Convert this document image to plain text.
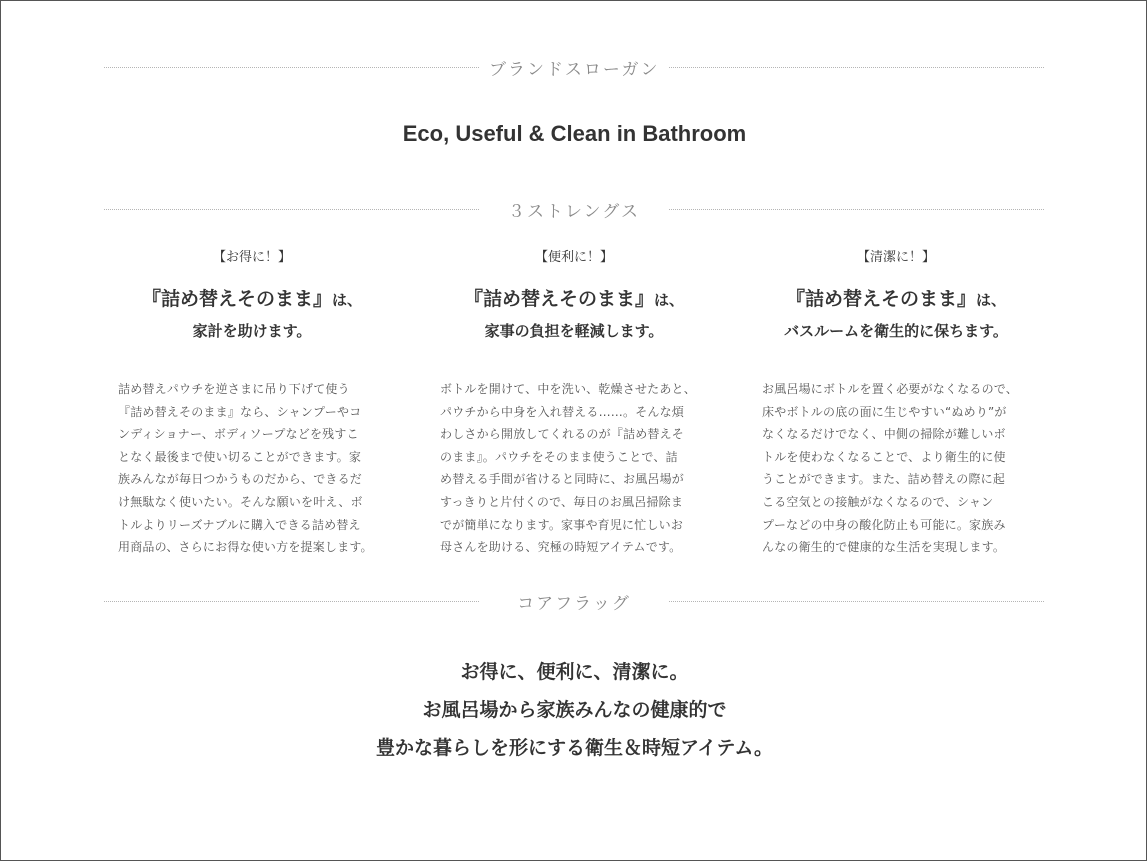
ブランドスローガン
Eco, Useful & Clean in Bathroom
３ストレングス
【お得に！】
『詰め替えそのまま』は、
家計を助けます。
詰め替えパウチを逆さまに吊り下げて使う
『詰め替えそのまま』なら、シャンプーやコ
ンディショナー、ボディソープなどを残すこ
となく最後まで使い切ることができます。家
族みんなが毎日つかうものだから、できるだ
け無駄なく使いたい。そんな願いを叶え、ボ
トルよりリーズナブルに購入できる詰め替え
用商品の、さらにお得な使い方を提案します。
【便利に！】
『詰め替えそのまま』は、
家事の負担を軽減します。
ボトルを開けて、中を洗い、乾燥させたあと、
パウチから中身を入れ替える……。そんな煩
わしさから開放してくれるのが『詰め替えそ
のまま』。パウチをそのまま使うことで、詰
め替える手間が省けると同時に、お風呂場が
すっきりと片付くので、毎日のお風呂掃除ま
でが簡単になります。家事や育児に忙しいお
母さんを助ける、究極の時短アイテムです。
【清潔に！】
『詰め替えそのまま』は、
バスルームを衛生的に保ちます。
お風呂場にボトルを置く必要がなくなるので、
床やボトルの底の面に生じやすい“ぬめり”が
なくなるだけでなく、中側の掃除が難しいボ
トルを使わなくなることで、より衛生的に使
うことができます。また、詰め替えの際に起
こる空気との接触がなくなるので、シャン
プーなどの中身の酸化防止も可能に。家族み
んなの衛生的で健康的な生活を実現します。
コアフラッグ
お得に、便利に、清潔に。
お風呂場から家族みんなの健康的で
豊かな暮らしを形にする衛生＆時短アイテム。
